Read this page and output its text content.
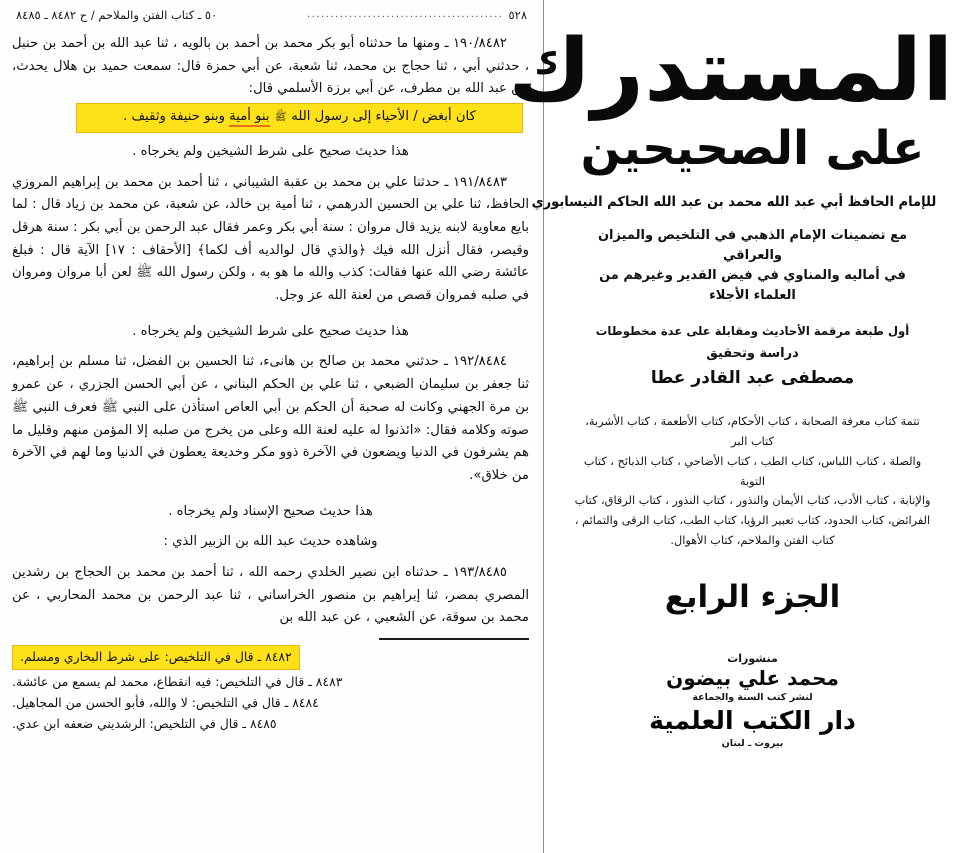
٥٢٨
..........................................
٥٠ ـ كتاب الفتن والملاحم / ح ٨٤٨٢ ـ ٨٤٨٥

١٩٠/٨٤٨٢ ـ ومنها ما حدثناه أبو بكر محمد بن أحمد بن بالويه ، ثنا عبد الله بن أحمد بن حنبل ، حدثني أبي ، ثنا حجاج بن محمد، ثنا شعبة، عن أبي حمزة قال: سمعت حميد بن هلال يحدث، عن عبد الله بن مطرف، عن أبي برزة الأسلمي قال:

كان أبغض / الأحياء إلى رسول الله ﷺ بنو أمية وبنو حنيفة وثقيف .

هذا حديث صحيح على شرط الشيخين ولم يخرجاه .

١٩١/٨٤٨٣ ـ حدثنا علي بن محمد بن عقبة الشيباني ، ثنا أحمد بن محمد بن إبراهيم المروزي الحافظ، ثنا علي بن الحسين الدرهمي ، ثنا أمية بن خالد، عن شعبة، عن محمد بن زياد قال : لما بايع معاوية لابنه يزيد قال مروان : سنة أبي بكر وعمر فقال عبد الرحمن بن أبي بكر : سنة هرقل وقيصر، فقال أنزل الله فيك ﴿والذي قال لوالديه أف لكما﴾ [الأحقاف : ١٧] الآية قال : فبلغ عائشة رضي الله عنها فقالت: كذب والله ما هو به ، ولكن رسول الله ﷺ لعن أبا مروان ومروان في صلبه فمروان قصص من لعنة الله عز وجل.

هذا حديث صحيح على شرط الشيخين ولم يخرجاه .

١٩٢/٨٤٨٤ ـ حدثني محمد بن صالح بن هانىء، ثنا الحسين بن الفضل، ثنا مسلم بن إبراهيم، ثنا جعفر بن سليمان الضبعي ، ثنا علي بن الحكم البناني ، عن أبي الحسن الجزري ، عن عمرو بن مرة الجهني وكانت له صحبة أن الحكم بن أبي العاص استأذن على النبي ﷺ فعرف النبي ﷺ صوته وكلامه فقال: «ائذنوا له عليه لعنة الله وعلى من يخرج من صلبه إلا المؤمن منهم وقليل ما هم يشرفون في الدنيا ويضعون في الآخرة ذوو مكر وخديعة يعطون في الدنيا وما لهم في الآخرة من خلاق».

هذا حديث صحيح الإسناد ولم يخرجاه .

وشاهده حديث عبد الله بن الزبير الذي :

١٩٣/٨٤٨٥ ـ حدثناه ابن نصير الخلدي رحمه الله ، ثنا أحمد بن محمد بن الحجاج بن رشدين المصري بمصر، ثنا إبراهيم بن منصور الخراساني ، ثنا عبد الرحمن بن محمد المحاربي ، عن محمد بن سوقة، عن الشعبي ، عن عبد الله بن

٨٤٨٢ ـ قال في التلخيص: على شرط البخاري ومسلم.

٨٤٨٣ ـ قال في التلخيص: فيه انقطاع، محمد لم يسمع من عائشة.

٨٤٨٤ ـ قال في التلخيص: لا والله، فأبو الحسن من المجاهيل.

٨٤٨٥ ـ قال في التلخيص: الرشديني ضعفه ابن عدي.

المستدرك
على الصحيحين
للإمام الحافظ أبي عبد الله محمد بن عبد الله الحاكم النيسابوري
مع تضمينات الإمام الذهبي في التلخيص والميزان والعراقي
في أماليه والمناوي في فيض القدير وغيرهم من العلماء الأجلاء
أول طبعة مرقمة الأحاديث ومقابلة على عدة مخطوطات
دراسة وتحقيق
مصطفى عبد القادر عطا
تتمة كتاب معرفة الصحابة ، كتاب الأحكام، كتاب الأطعمة ، كتاب الأشربة، كتاب البر
والصلة ، كتاب اللباس، كتاب الطب ، كتاب الأضاحي ، كتاب الذبائح ، كتاب التوبة
والإنابة ، كتاب الأدب، كتاب الأيمان والنذور ، كتاب النذور ، كتاب الرقاق، كتاب
الفرائض، كتاب الحدود، كتاب تعبير الرؤيا، كتاب الطب، كتاب الرقى والتمائم ،
كتاب الفتن والملاحم، كتاب الأهوال.
الجزء الرابع
منشورات
محمد علي بيضون
لنشر كتب السنة والجماعة
دار الكتب العلمية
بيروت ـ لبنان
